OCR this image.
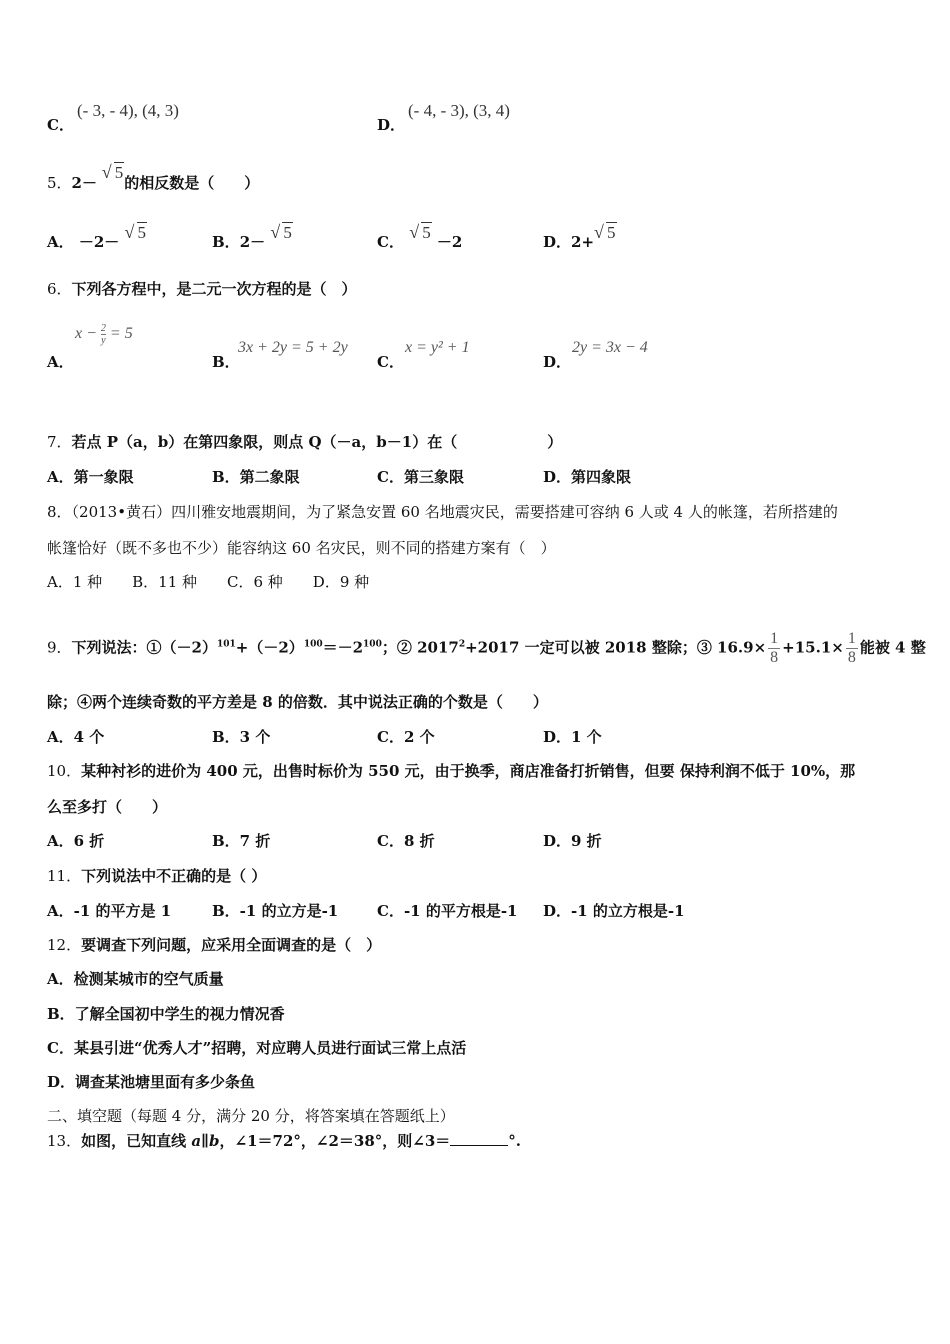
C．
(- 3, - 4), (4, 3)
D．
(- 4, - 3), (3, 4)
5．2－ √ 5的相反数是（　　）
A． －2－ √ 5	B．2－ √ 5	C． √ 5 －2	D．2+ √ 5
6．下列各方程中，是二元一次方程的是（　）
A．
$x - \frac{2}{y} = 5$
B．
3x + 2y = 5 + 2y
C．
x = y² + 1
D．
2y = 3x − 4
7．若点 P（a，b）在第四象限，则点 Q（－a，b－1）在（　　　　　　）
A．第一象限	B．第二象限	C．第三象限	D．第四象限
8．（2013•黄石）四川雅安地震期间，为了紧急安置 60 名地震灾民，需要搭建可容纳 6 人或 4 人的帐篷，若所搭建的
帐篷恰好（既不多也不少）能容纳这 60 名灾民，则不同的搭建方案有（　）
A．1 种　　B．11 种　　C．6 种　　D．9 种
9．下列说法：$①(-2)^{101}+(-2)^{100}=-2^{100}$；② $2017^2+2017$ 一定可以被 2018 整除；③ $16.9\times \frac{1}{8} +15.1\times \frac{1}{8}$ 能被 4 整
除；④两个连续奇数的平方差是 8 的倍数．其中说法正确的个数是（　　）
A．4 个	B．3 个	C．2 个	D．1 个
10．某种衬衫的进价为 400 元，出售时标价为 550 元，由于换季，商店准备打折销售，但要 保持利润不低于 10%，那
么至多打（　　）
A．6 折	B．7 折	C．8 折	D．9 折
11．下列说法中不正确的是（ ）
A．-1 的平方是 1	B．-1 的立方是-1	C．-1 的平方根是-1 D．-1 的立方根是-1
12．要调查下列问题，应采用全面调查的是（　）
A．检测某城市的空气质量
B．了解全国初中学生的视力情况香
C．某县引进“优秀人才”招聘，对应聘人员进行面试三常上点活
D．调查某池塘里面有多少条鱼
二、填空题（每题 4 分，满分 20 分，将答案填在答题纸上）
13．如图，已知直线 a∥b，∠1＝72°，∠2＝38°，则∠3＝	°.
